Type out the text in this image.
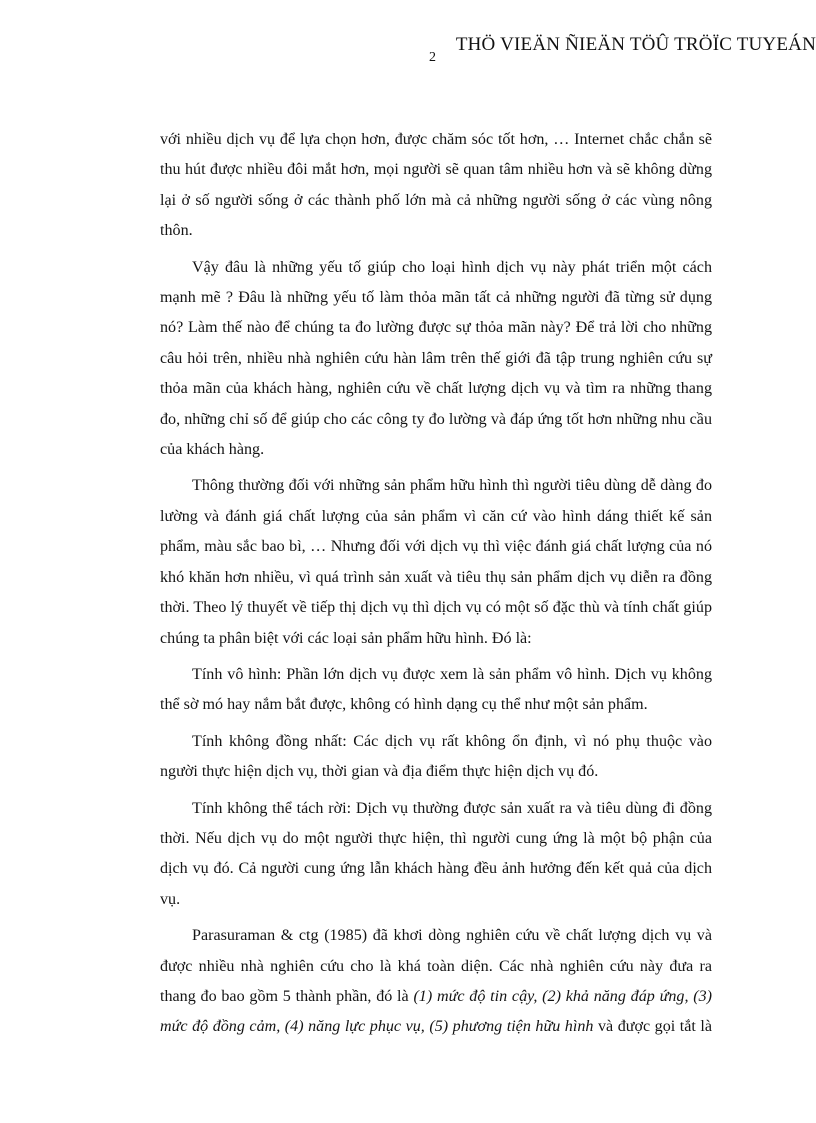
THÖ VIEÄN ÑIEÄN TÖÛ TRÖÏC TUYEÁN
2

với nhiều dịch vụ để lựa chọn hơn, được chăm sóc tốt hơn, … Internet chắc chắn sẽ thu hút được nhiều đôi mắt hơn, mọi người sẽ quan tâm nhiều hơn và sẽ không dừng lại ở số người sống ở các thành phố lớn mà cả những người sống ở các vùng nông thôn.

Vậy đâu là những yếu tố giúp cho loại hình dịch vụ này phát triển một cách mạnh mẽ ? Đâu là những yếu tố làm thỏa mãn tất cả những người đã từng sử dụng nó? Làm thế nào để chúng ta đo lường được sự thỏa mãn này? Để trả lời cho những câu hỏi trên, nhiều nhà nghiên cứu hàn lâm trên thế giới đã tập trung nghiên cứu sự thỏa mãn của khách hàng, nghiên cứu về chất lượng dịch vụ và tìm ra những thang đo, những chỉ số để giúp cho các công ty đo lường và đáp ứng tốt hơn những nhu cầu của khách hàng.

Thông thường đối với những sản phẩm hữu hình thì người tiêu dùng dễ dàng đo lường và đánh giá chất lượng của sản phẩm vì căn cứ vào hình dáng thiết kế sản phẩm, màu sắc bao bì, … Nhưng đối với dịch vụ thì việc đánh giá chất lượng của nó khó khăn hơn nhiều, vì quá trình sản xuất và tiêu thụ sản phẩm dịch vụ diễn ra đồng thời. Theo lý thuyết về tiếp thị dịch vụ thì dịch vụ có một số đặc thù và tính chất giúp chúng ta phân biệt với các loại sản phẩm hữu hình. Đó là:

Tính vô hình: Phần lớn dịch vụ được xem là sản phẩm vô hình. Dịch vụ không thể sờ mó hay nắm bắt được, không có hình dạng cụ thể như một sản phẩm.

Tính không đồng nhất: Các dịch vụ rất không ổn định, vì nó phụ thuộc vào người thực hiện dịch vụ, thời gian và địa điểm thực hiện dịch vụ đó.

Tính không thể tách rời: Dịch vụ thường được sản xuất ra và tiêu dùng đi đồng thời. Nếu dịch vụ do một người thực hiện, thì người cung ứng là một bộ phận của dịch vụ đó. Cả người cung ứng lẫn khách hàng đều ảnh hưởng đến kết quả của dịch vụ.

Parasuraman & ctg (1985) đã khơi dòng nghiên cứu về chất lượng dịch vụ và được nhiều nhà nghiên cứu cho là khá toàn diện. Các nhà nghiên cứu này đưa ra thang đo bao gồm 5 thành phần, đó là (1) mức độ tin cậy, (2) khả năng đáp ứng, (3) mức độ đồng cảm, (4) năng lực phục vụ, (5) phương tiện hữu hình và được gọi tắt là
